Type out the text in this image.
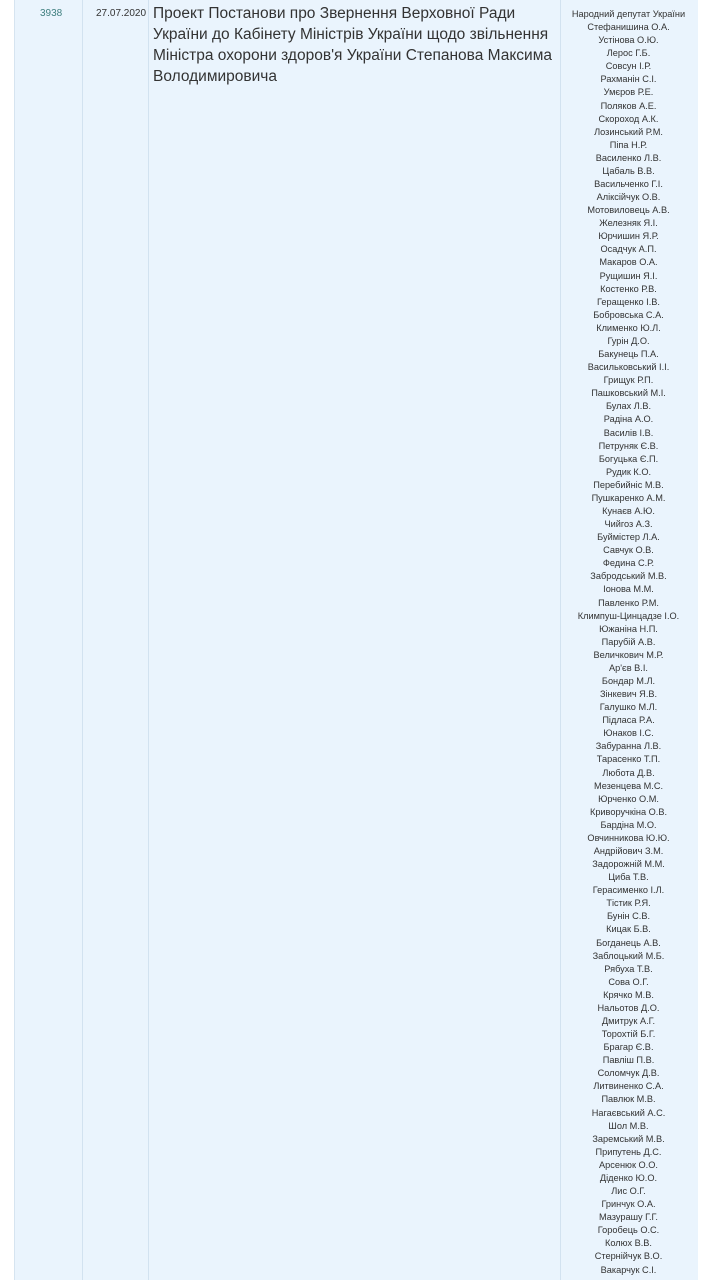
3938	27.07.2020 Проект Постанови про Звернення Верховної Ради України до Кабінету Міністрів України щодо звільнення Міністра охорони здоров'я України Степанова Максима Володимировича
Народний депутат України
Стефанишина О.А.
Устінова О.Ю.
Лерос Г.Б.
Совсун І.Р.
Рахманін С.І.
Умєров Р.Е.
Поляков А.Е.
Скороход А.К.
Лозинський Р.М.
Піпа Н.Р.
Василенко Л.В.
Цабаль В.В.
Васильченко Г.І.
Аліксійчук О.В.
Мотовиловець А.В.
Железняк Я.І.
Юрчишин Я.Р.
Осадчук А.П.
Макаров О.А.
Рущишин Я.І.
Костенко Р.В.
Геращенко І.В.
Бобровська С.А.
Клименко Ю.Л.
Гурін Д.О.
Бакунець П.А.
Васильковський І.І.
Грищук Р.П.
Пашковський М.І.
Булах Л.В.
Радіна А.О.
Василів І.В.
Петруняк Є.В.
Богуцька Є.П.
Рудик К.О.
Перебийніс М.В.
Пушкаренко А.М.
Кунаєв А.Ю.
Чийгоз А.З.
Буймістер Л.А.
Савчук О.В.
Федина С.Р.
Забродський М.В.
Іонова М.М.
Павленко Р.М.
Климпуш-Цинцадзе І.О.
Южаніна Н.П.
Парубій А.В.
Величкович М.Р.
Ар'єв В.І.
Бондар М.Л.
Зінкевич Я.В.
Галушко М.Л.
Підласа Р.А.
Юнаков І.С.
Забуранна Л.В.
Тарасенко Т.П.
Любота Д.В.
Мезенцева М.С.
Юрченко О.М.
Криворучкіна О.В.
Бардіна М.О.
Овчинникова Ю.Ю.
Андрійович З.М.
Задорожній М.М.
Циба Т.В.
Герасименко І.Л.
Тістик Р.Я.
Бунін С.В.
Кицак Б.В.
Богданець А.В.
Заблоцький М.Б.
Рябуха Т.В.
Сова О.Г.
Крячко М.В.
Нальотов Д.О.
Дмитрук А.Г.
Торохтій Б.Г.
Брагар Є.В.
Павліш П.В.
Соломчук Д.В.
Литвиненко С.А.
Павлюк М.В.
Нагаєвський А.С.
Шол М.В.
Заремський М.В.
Припутень Д.С.
Арсенюк О.О.
Діденко Ю.О.
Лис О.Г.
Гринчук О.А.
Мазурашу Г.Г.
Горобець О.С.
Колюх В.В.
Стернійчук В.О.
Вакарчук С.І.
